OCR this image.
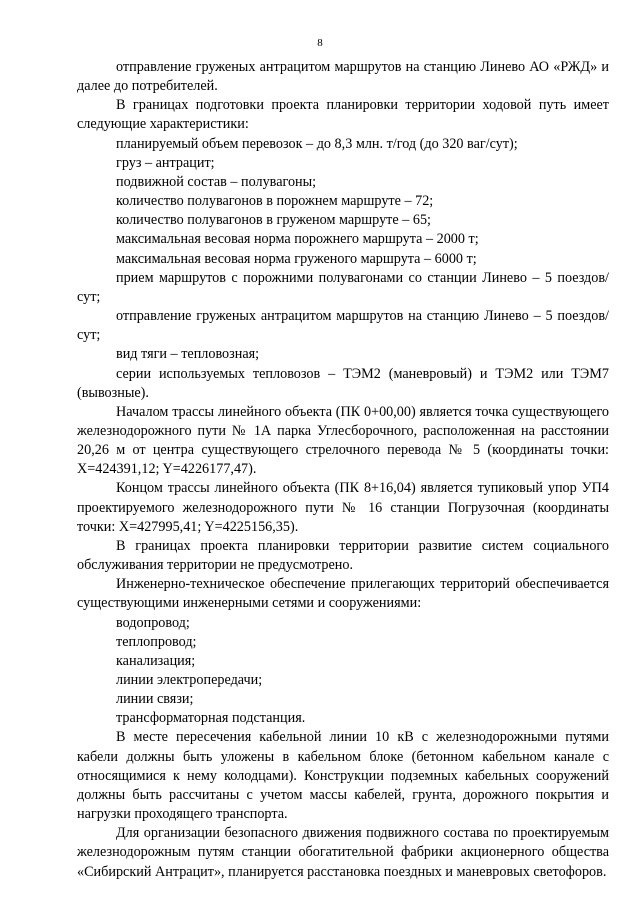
8

отправление груженых антрацитом маршрутов на станцию Линево АО «РЖД» и далее до потребителей.

В границах подготовки проекта планировки территории ходовой путь имеет следующие характеристики:

планируемый объем перевозок – до 8,3 млн. т/год (до 320 ваг/сут);

груз – антрацит;

подвижной состав – полувагоны;

количество полувагонов в порожнем маршруте – 72;

количество полувагонов в груженом маршруте – 65;

максимальная весовая норма порожнего маршрута – 2000 т;

максимальная весовая норма груженого маршрута – 6000 т;

прием маршрутов с порожними полувагонами со станции Линево – 5 поездов/сут;

отправление груженых антрацитом маршрутов на станцию Линево – 5 поездов/сут;

вид тяги – тепловозная;

серии используемых тепловозов – ТЭМ2 (маневровый) и ТЭМ2 или ТЭМ7 (вывозные).

Началом трассы линейного объекта (ПК 0+00,00) является точка существующего железнодорожного пути № 1А парка Углесборочного, расположенная на расстоянии 20,26 м от центра существующего стрелочного перевода № 5 (координаты точки: X=424391,12; Y=4226177,47).

Концом трассы линейного объекта (ПК 8+16,04) является тупиковый упор УП4 проектируемого железнодорожного пути № 16 станции Погрузочная (координаты точки: X=427995,41; Y=4225156,35).

В границах проекта планировки территории развитие систем социального обслуживания территории не предусмотрено.

Инженерно-техническое обеспечение прилегающих территорий обеспечивается существующими инженерными сетями и сооружениями:

водопровод;

теплопровод;

канализация;

линии электропередачи;

линии связи;

трансформаторная подстанция.

В месте пересечения кабельной линии 10 кВ с железнодорожными путями кабели должны быть уложены в кабельном блоке (бетонном кабельном канале с относящимися к нему колодцами). Конструкции подземных кабельных сооружений должны быть рассчитаны с учетом массы кабелей, грунта, дорожного покрытия и нагрузки проходящего транспорта.

Для организации безопасного движения подвижного состава по проектируемым железнодорожным путям станции обогатительной фабрики акционерного общества «Сибирский Антрацит», планируется расстановка поездных и маневровых светофоров.
